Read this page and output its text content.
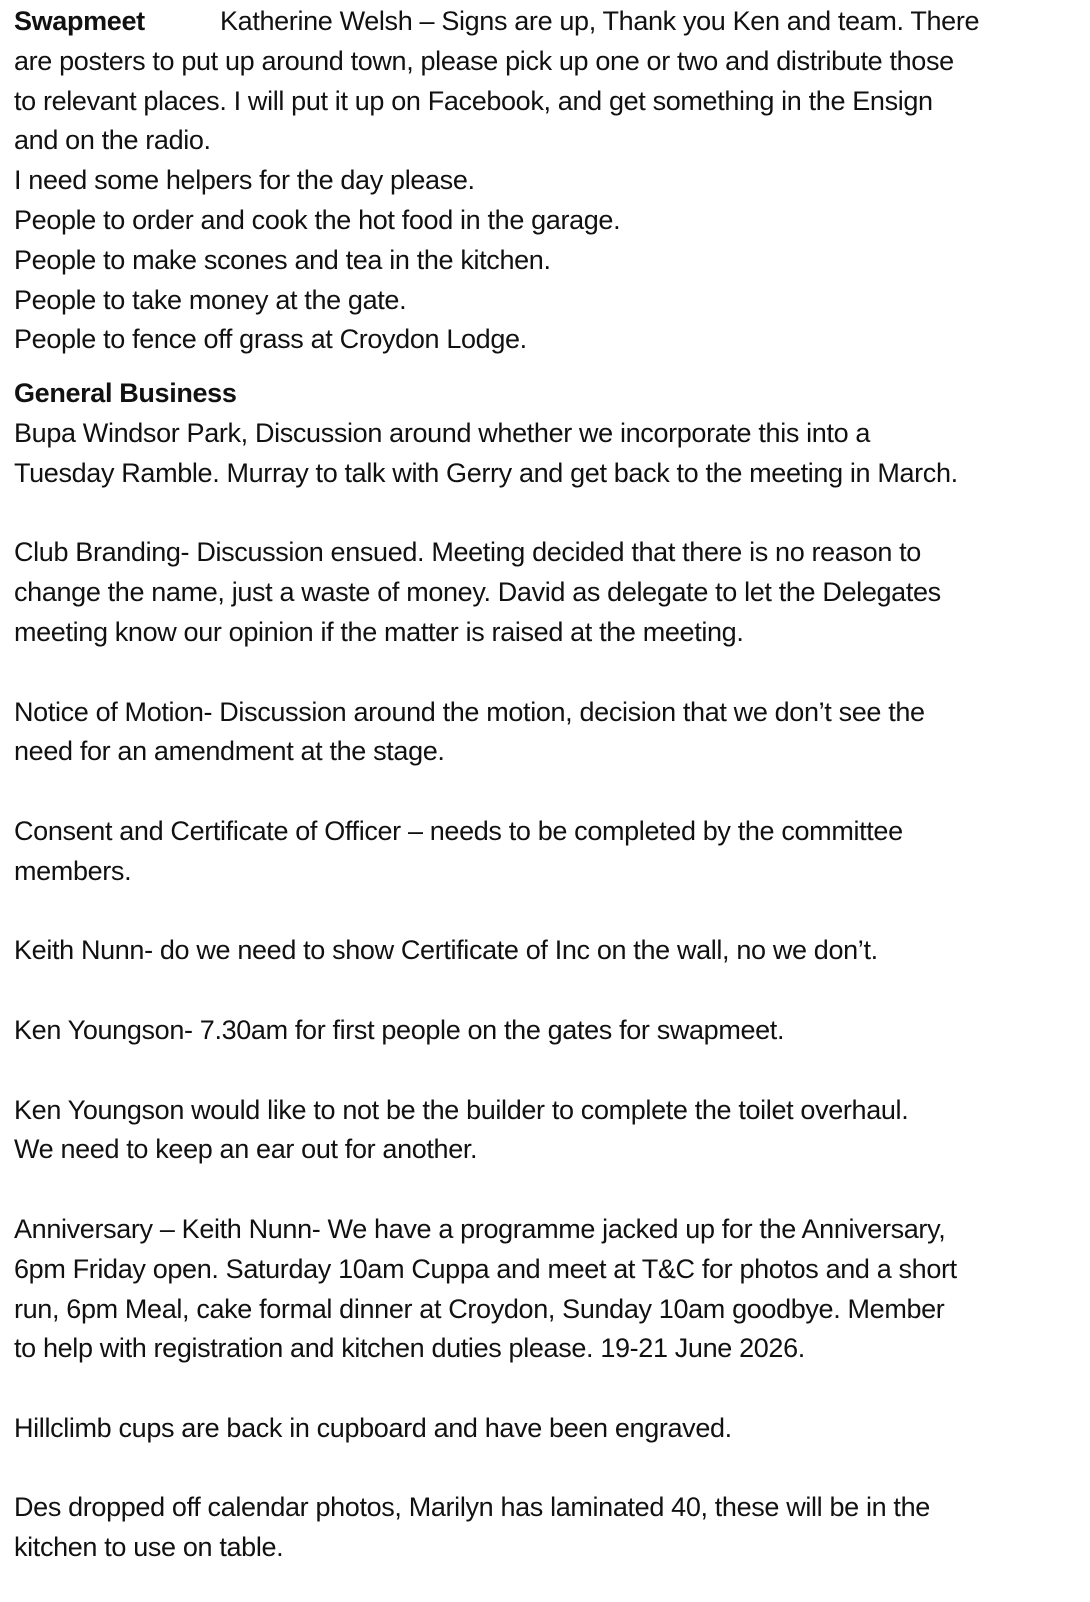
Swapmeet	Katherine Welsh – Signs are up, Thank you Ken and team. There
are posters to put up around town, please pick up one or two and distribute those
to relevant places. I will put it up on Facebook, and get something in the Ensign
and on the radio.
I need some helpers for the day please.
People to order and cook the hot food in the garage.
People to make scones and tea in the kitchen.
People to take money at the gate.
People to fence off grass at Croydon Lodge.
General Business
Bupa Windsor Park, Discussion around whether we incorporate this into a
Tuesday Ramble. Murray to talk with Gerry and get back to the meeting in March.
Club Branding- Discussion ensued. Meeting decided that there is no reason to
change the name, just a waste of money. David as delegate to let the Delegates
meeting know our opinion if the matter is raised at the meeting.
Notice of Motion- Discussion around the motion, decision that we don’t see the
need for an amendment at the stage.
Consent and Certificate of Officer – needs to be completed by the committee
members.
Keith Nunn- do we need to show Certificate of Inc on the wall, no we don’t.
Ken Youngson- 7.30am for first people on the gates for swapmeet.
Ken Youngson would like to not be the builder to complete the toilet overhaul.
We need to keep an ear out for another.
Anniversary – Keith Nunn- We have a programme jacked up for the Anniversary,
6pm Friday open. Saturday 10am Cuppa and meet at T&C for photos and a short
run, 6pm Meal, cake formal dinner at Croydon, Sunday 10am goodbye. Member
to help with registration and kitchen duties please. 19-21 June 2026.
Hillclimb cups are back in cupboard and have been engraved.
Des dropped off calendar photos, Marilyn has laminated 40, these will be in the
kitchen to use on table.
